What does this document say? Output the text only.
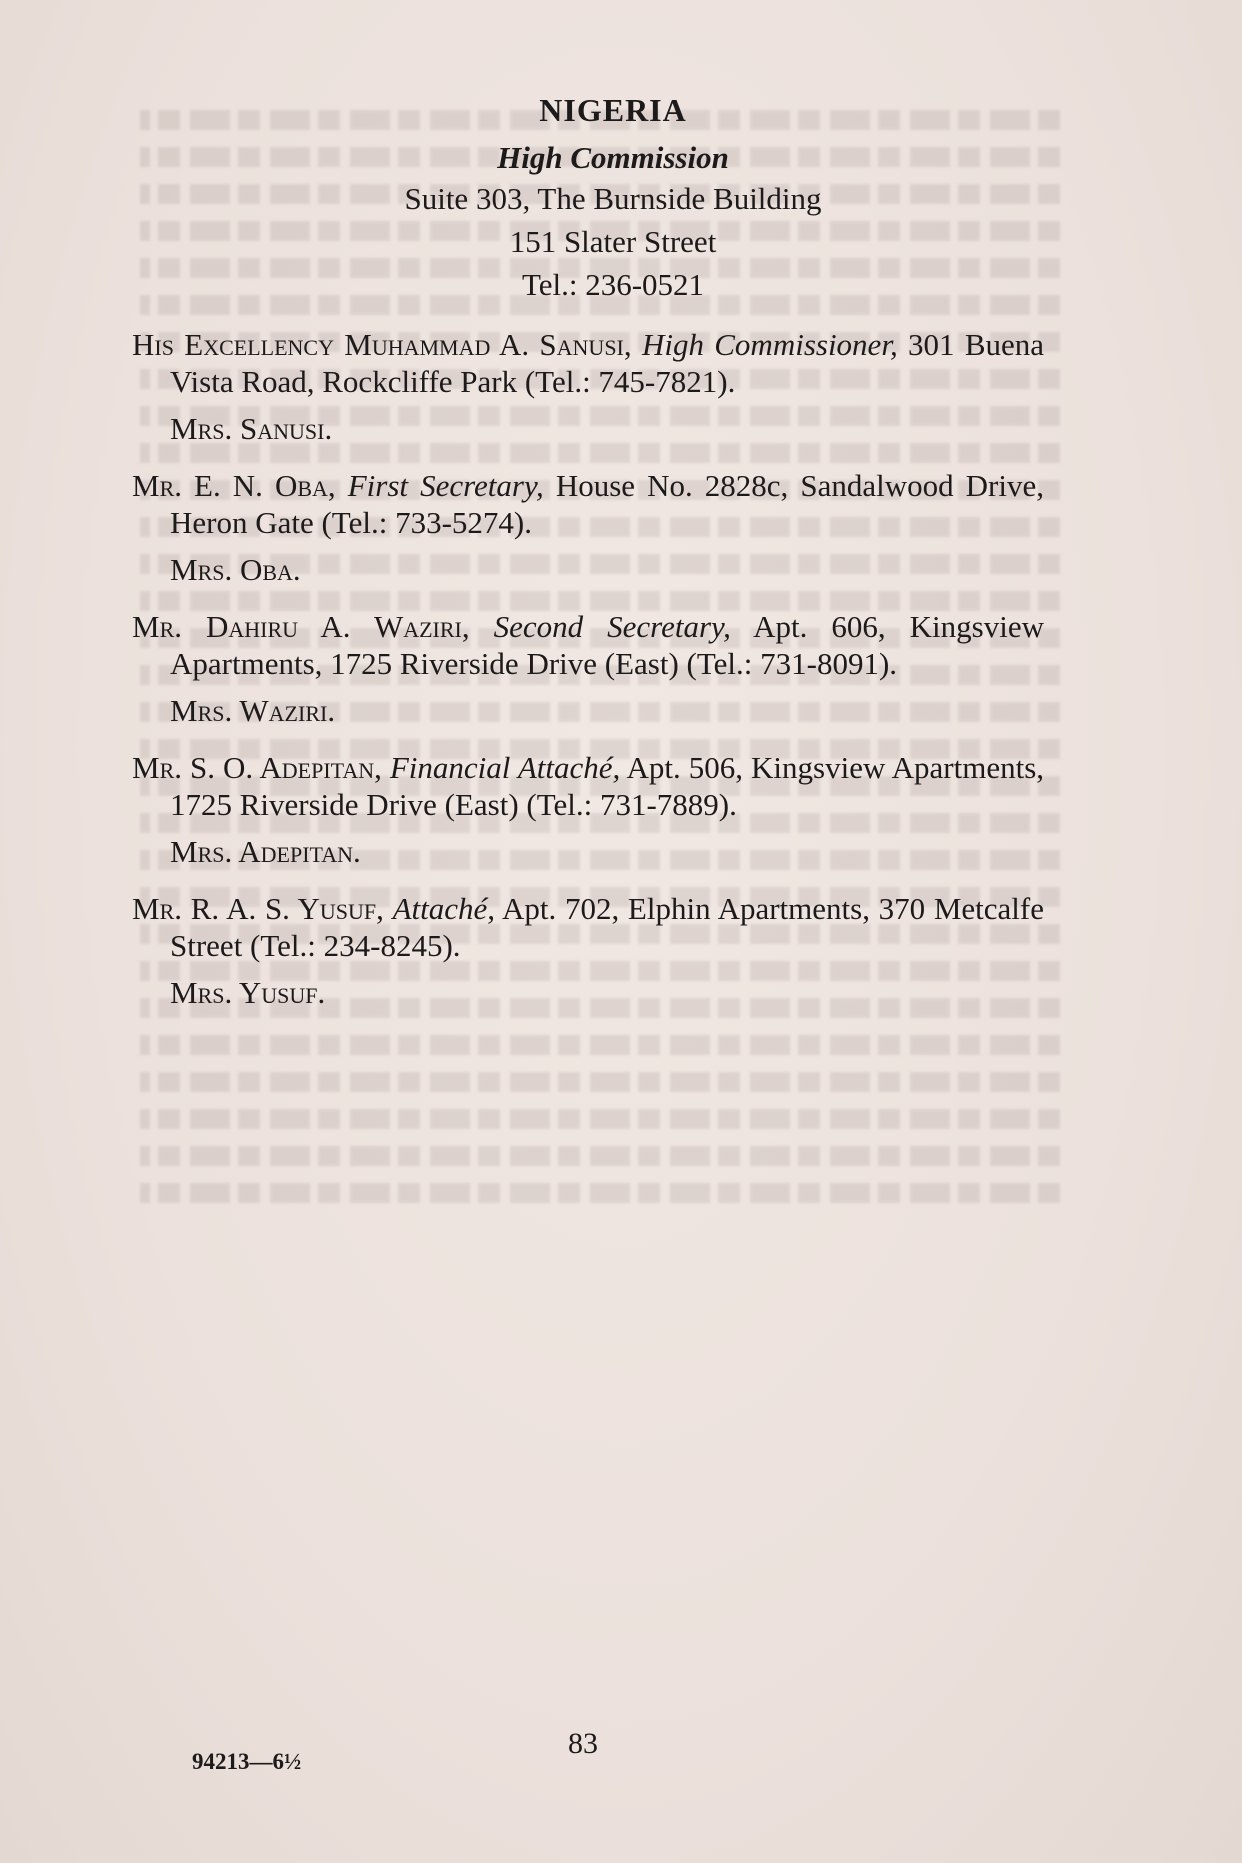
NIGERIA

High Commission

Suite 303, The Burnside Building

151 Slater Street

Tel.: 236-0521

His Excellency Muhammad A. Sanusi, High Commissioner, 301 Buena Vista Road, Rockcliffe Park (Tel.: 745-7821).

Mrs. Sanusi.

Mr. E. N. Oba, First Secretary, House No. 2828c, Sandalwood Drive, Heron Gate (Tel.: 733-5274).

Mrs. Oba.

Mr. Dahiru A. Waziri, Second Secretary, Apt. 606, Kingsview Apartments, 1725 Riverside Drive (East) (Tel.: 731-8091).

Mrs. Waziri.

Mr. S. O. Adepitan, Financial Attaché, Apt. 506, Kingsview Apartments, 1725 Riverside Drive (East) (Tel.: 731-7889).

Mrs. Adepitan.

Mr. R. A. S. Yusuf, Attaché, Apt. 702, Elphin Apartments, 370 Metcalfe Street (Tel.: 234-8245).

Mrs. Yusuf.

94213—6½
83
